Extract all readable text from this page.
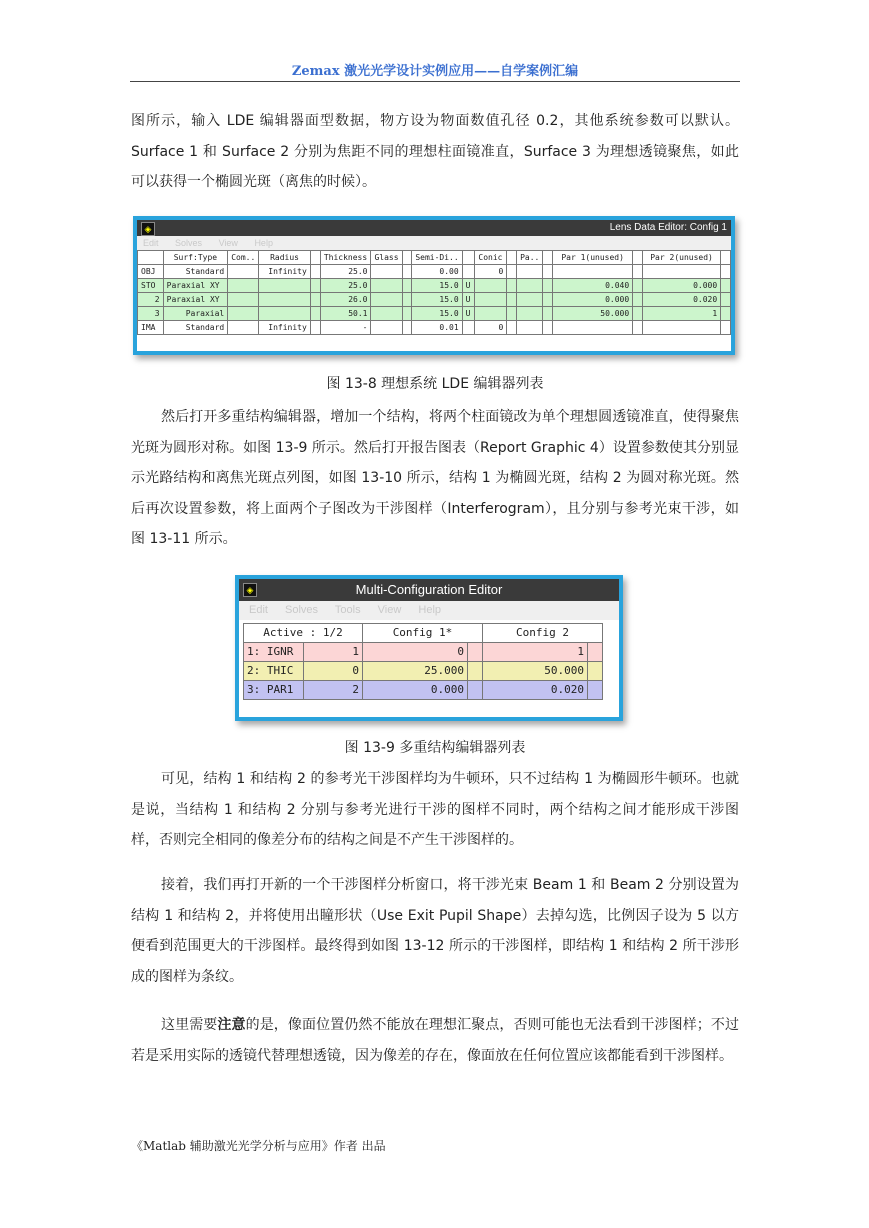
Zemax 激光光学设计实例应用——自学案例汇编

图所示，输入 LDE 编辑器面型数据，物方设为物面数值孔径 0.2，其他系统参数可以默认。Surface 1 和 Surface 2 分别为焦距不同的理想柱面镜准直，Surface 3 为理想透镜聚焦，如此可以获得一个椭圆光斑（离焦的时候）。

◈	Lens Data Editor: Config 1
Edit Solves View Help
	Surf:Type	Com..	Radius		Thickness	Glass		Semi-Di..		Conic		Pa..		Par 1(unused)		Par 2(unused)	
OBJ	Standard		Infinity		25.0			0.00		0							
STO	Paraxial XY				25.0			15.0	U					0.040		0.000	
2	Paraxial XY				26.0			15.0	U					0.000		0.020	
3	Paraxial				50.1			15.0	U					50.000		1	
IMA	Standard		Infinity		-			0.01		0							
图 13-8 理想系统 LDE 编辑器列表

然后打开多重结构编辑器，增加一个结构，将两个柱面镜改为单个理想圆透镜准直，使得聚焦光斑为圆形对称。如图 13-9 所示。然后打开报告图表（Report Graphic 4）设置参数使其分别显示光路结构和离焦光斑点列图，如图 13-10 所示，结构 1 为椭圆光斑，结构 2 为圆对称光斑。然后再次设置参数，将上面两个子图改为干涉图样（Interferogram），且分别与参考光束干涉，如图 13-11 所示。

◈	Multi-Configuration Editor
Edit Solves Tools View Help
Active : 1/2		Config 1*		Config 2	
1: IGNR	1	0		1	
2: THIC	0	25.000		50.000	
3: PAR1	2	0.000		0.020	
图 13-9 多重结构编辑器列表

可见，结构 1 和结构 2 的参考光干涉图样均为牛顿环，只不过结构 1 为椭圆形牛顿环。也就是说，当结构 1 和结构 2 分别与参考光进行干涉的图样不同时，两个结构之间才能形成干涉图样，否则完全相同的像差分布的结构之间是不产生干涉图样的。

接着，我们再打开新的一个干涉图样分析窗口，将干涉光束 Beam 1 和 Beam 2 分别设置为结构 1 和结构 2，并将使用出瞳形状（Use Exit Pupil Shape）去掉勾选，比例因子设为 5 以方便看到范围更大的干涉图样。最终得到如图 13-12 所示的干涉图样，即结构 1 和结构 2 所干涉形成的图样为条纹。

这里需要注意的是，像面位置仍然不能放在理想汇聚点，否则可能也无法看到干涉图样；不过若是采用实际的透镜代替理想透镜，因为像差的存在，像面放在任何位置应该都能看到干涉图样。

《Matlab 辅助激光光学分析与应用》作者 出品
